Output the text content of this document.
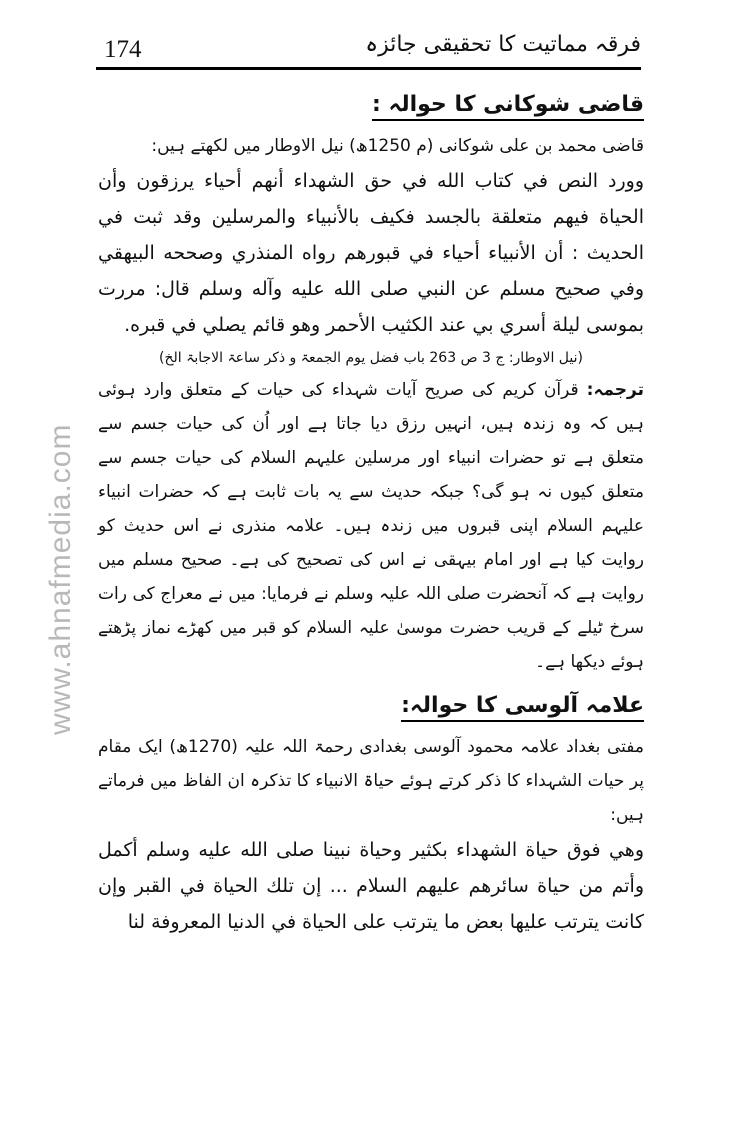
174	فرقہ مماتیت کا تحقیقی جائزہ
قاضی شوکانی کا حوالہ :

قاضی محمد بن علی شوکانی (م 1250ھ) نیل الاوطار میں لکھتے ہیں:

وورد النص في كتاب الله في حق الشهداء أنهم أحياء يرزقون وأن الحياة فيهم متعلقة بالجسد فكيف بالأنبياء والمرسلين وقد ثبت في الحديث : أن الأنبياء أحياء في قبورهم رواه المنذري وصححه البيهقي وفي صحيح مسلم عن النبي صلى الله عليه وآله وسلم قال: مررت بموسى ليلة أسري بي عند الكثيب الأحمر وهو قائم يصلي في قبره.

(نیل الاوطار: ج 3 ص 263 باب فضل یوم الجمعۃ و ذکر ساعۃ الاجابۃ الخ)

ترجمہ: قرآن کریم کی صریح آیات شہداء کی حیات کے متعلق وارد ہوئی ہیں کہ وہ زندہ ہیں، انہیں رزق دیا جاتا ہے اور اُن کی حیات جسم سے متعلق ہے تو حضرات انبیاء اور مرسلین علیہم السلام کی حیات جسم سے متعلق کیوں نہ ہو گی؟ جبکہ حدیث سے یہ بات ثابت ہے کہ حضرات انبیاء علیہم السلام اپنی قبروں میں زندہ ہیں۔ علامہ منذری نے اس حدیث کو روایت کیا ہے اور امام بیہقی نے اس کی تصحیح کی ہے۔ صحیح مسلم میں روایت ہے کہ آنحضرت صلی اللہ علیہ وسلم نے فرمایا: میں نے معراج کی رات سرخ ٹیلے کے قریب حضرت موسیٰ علیہ السلام کو قبر میں کھڑے نماز پڑھتے ہوئے دیکھا ہے۔

علامہ آلوسی کا حوالہ:

مفتی بغداد علامہ محمود آلوسی بغدادی رحمۃ اللہ علیہ (1270ھ) ایک مقام پر حیات الشہداء کا ذکر کرتے ہوئے حیاۃ الانبیاء کا تذکرہ ان الفاظ میں فرماتے ہیں:

وهي فوق حياة الشهداء بكثير وحياة نبينا صلى الله عليه وسلم أكمل وأتم من حياة سائرهم عليهم السلام ... إن تلك الحياة في القبر وإن كانت يترتب عليها بعض ما يترتب على الحياة في الدنيا المعروفة لنا

www.ahnafmedia.com
